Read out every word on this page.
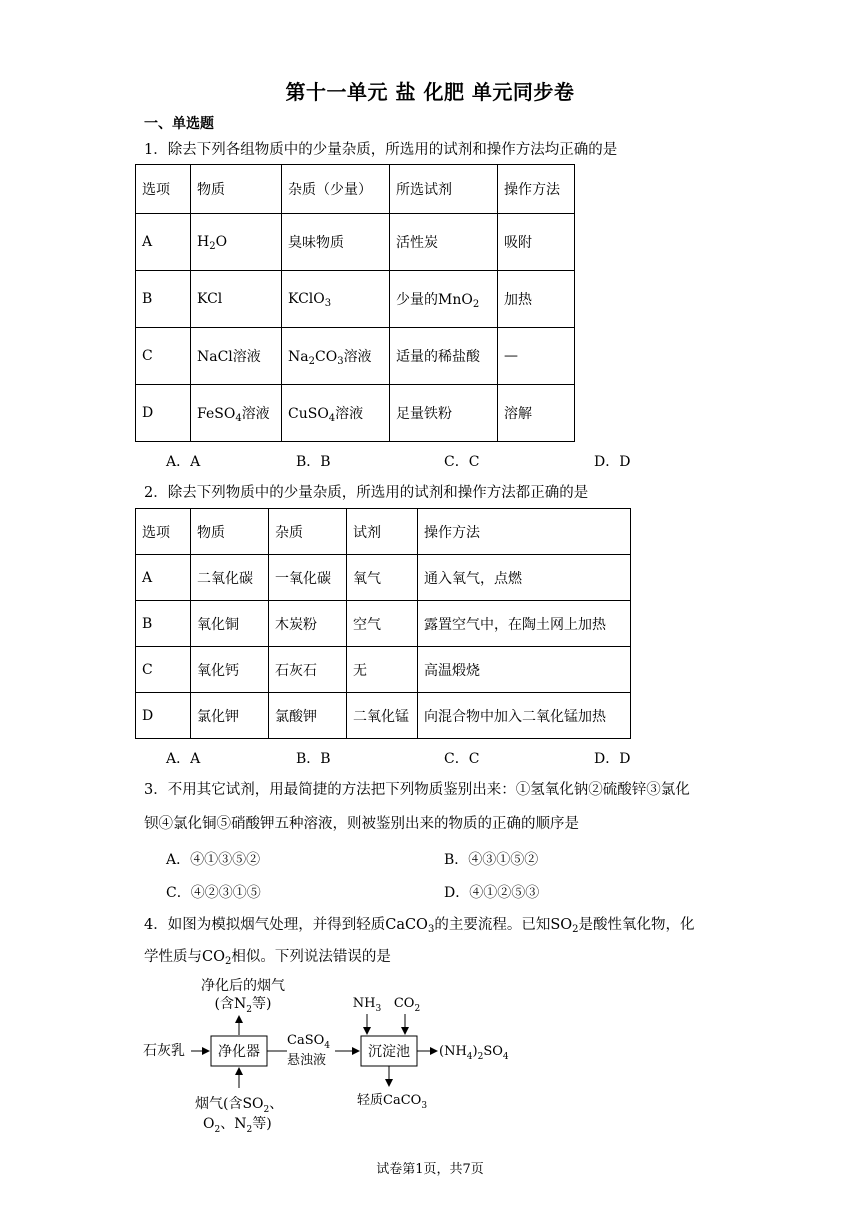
第十一单元 盐 化肥 单元同步卷
一、单选题
1．除去下列各组物质中的少量杂质，所选用的试剂和操作方法均正确的是
选项	物质	杂质（少量）	所选试剂	操作方法
A	$H_2O$	臭味物质	活性炭	吸附
B	KCl	KClO$_3$	少量的MnO$_2$	加热
C	NaCl溶液	$Na_2CO_3$溶液	适量的稀盐酸	—
D	FeSO$_4$溶液	CuSO$_4$溶液	足量铁粉	溶解
A．A	B．B	C．C	D．D
2．除去下列物质中的少量杂质，所选用的试剂和操作方法都正确的是
选项	物质	杂质	试剂	操作方法
A	二氧化碳	一氧化碳	氧气	通入氧气，点燃
B	氧化铜	木炭粉	空气	露置空气中，在陶土网上加热
C	氧化钙	石灰石	无	高温煅烧
D	氯化钾	氯酸钾	二氧化锰	向混合物中加入二氧化锰加热
A．A	B．B	C．C	D．D
3．不用其它试剂，用最简捷的方法把下列物质鉴别出来：①氢氧化钠②硫酸锌③氯化
钡④氯化铜⑤硝酸钾五种溶液，则被鉴别出来的物质的正确的顺序是
A．④①③⑤②	B．④③①⑤②
C．④②③①⑤	D．④①②⑤③
4．如图为模拟烟气处理，并得到轻质CaCO$_3$的主要流程。已知$SO_2$是酸性氧化物，化
学性质与$CO_2$相似。下列说法错误的是
净化后的烟气
(含$N_2$等)
石灰乳 净化器
CaSO$_4$
悬浊液
沉淀池
$NH_3$ $CO_2$
$(NH_4)_2SO_4$
轻质CaCO$_3$
烟气(含$SO_2$、
$O_2$、$N_2$等)
试卷第1页，共7页
